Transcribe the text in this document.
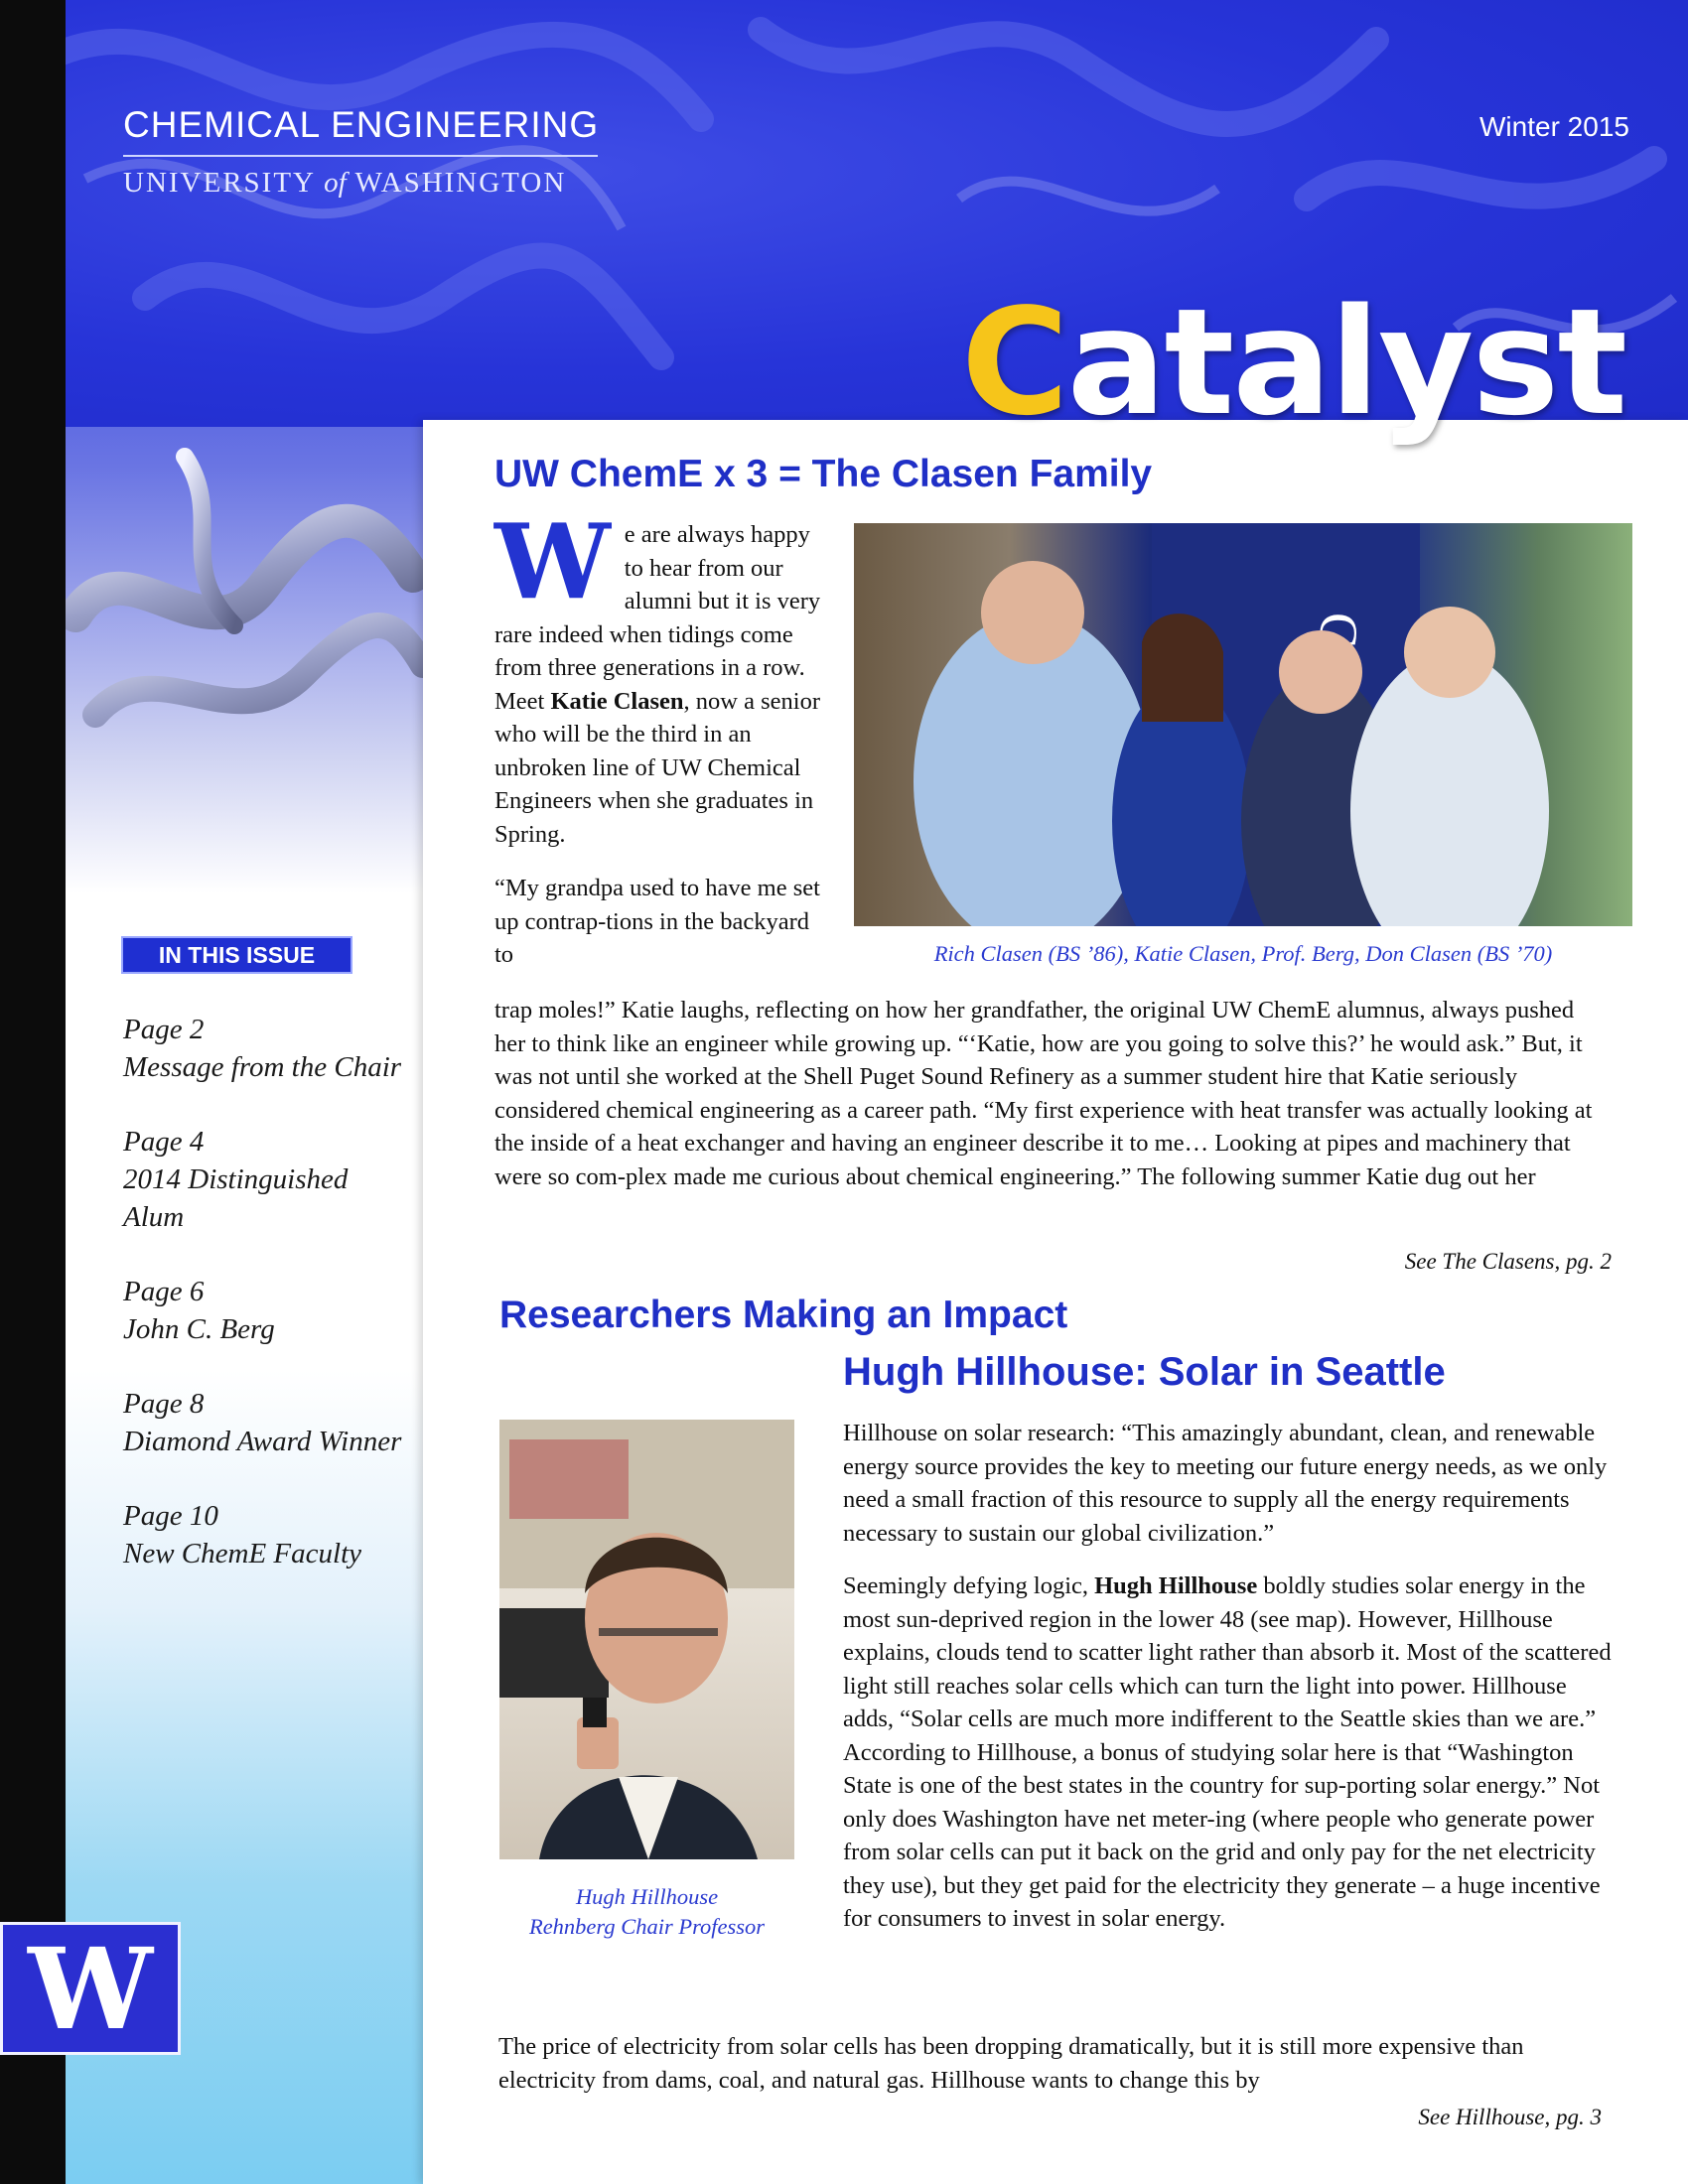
CHEMICAL ENGINEERING
UNIVERSITY of WASHINGTON
Winter 2015
Catalyst
IN THIS ISSUE
Page 2
Message from the Chair
Page 4
2014 Distinguished Alum
Page 6
John C. Berg
Page 8
Diamond Award Winner
Page 10
New ChemE Faculty
W
UW ChemE x 3 = The Clasen Family

We are always happy to hear from our alumni but it is very rare indeed when tidings come from three generations in a row. Meet Katie Clasen, now a senior who will be the third in an unbroken line of UW Chemical Engineers when she graduates in Spring.

“My grandpa used to have me set up contrap-tions in the backyard to	Rich Clasen (BS ’86), Katie Clasen, Prof. Berg, Don Clasen (BS ’70)
trap moles!” Katie laughs, reflecting on how her grandfather, the original UW ChemE alumnus, always pushed her to think like an engineer while growing up. “‘Katie, how are you going to solve this?’ he would ask.” But, it was not until she worked at the Shell Puget Sound Refinery as a summer student hire that Katie seriously considered chemical engineering as a career path. “My first experience with heat transfer was actually looking at the inside of a heat exchanger and having an engineer describe it to me… Looking at pipes and machinery that were so com-plex made me curious about chemical engineering.” The following summer Katie dug out her
See The Clasens, pg. 2
Researchers Making an Impact
Hugh Hillhouse: Solar in Seattle
Hugh Hillhouse
Rehnberg Chair Professor

Hillhouse on solar research: “This amazingly abundant, clean, and renewable energy source provides the key to meeting our future energy needs, as we only need a small fraction of this resource to supply all the energy requirements necessary to sustain our global civilization.”

Seemingly defying logic, Hugh Hillhouse boldly studies solar energy in the most sun-deprived region in the lower 48 (see map). However, Hillhouse explains, clouds tend to scatter light rather than absorb it. Most of the scattered light still reaches solar cells which can turn the light into power. Hillhouse adds, “Solar cells are much more indifferent to the Seattle skies than we are.” According to Hillhouse, a bonus of studying solar here is that “Washington State is one of the best states in the country for sup-porting solar energy.” Not only does Washington have net meter-ing (where people who generate power from solar cells can put it back on the grid and only pay for the net electricity they use), but they get paid for the electricity they generate – a huge incentive for consumers to invest in solar energy.

The price of electricity from solar cells has been dropping dramatically, but it is still more expensive than electricity from dams, coal, and natural gas. Hillhouse wants to change this by
See Hillhouse, pg. 3
